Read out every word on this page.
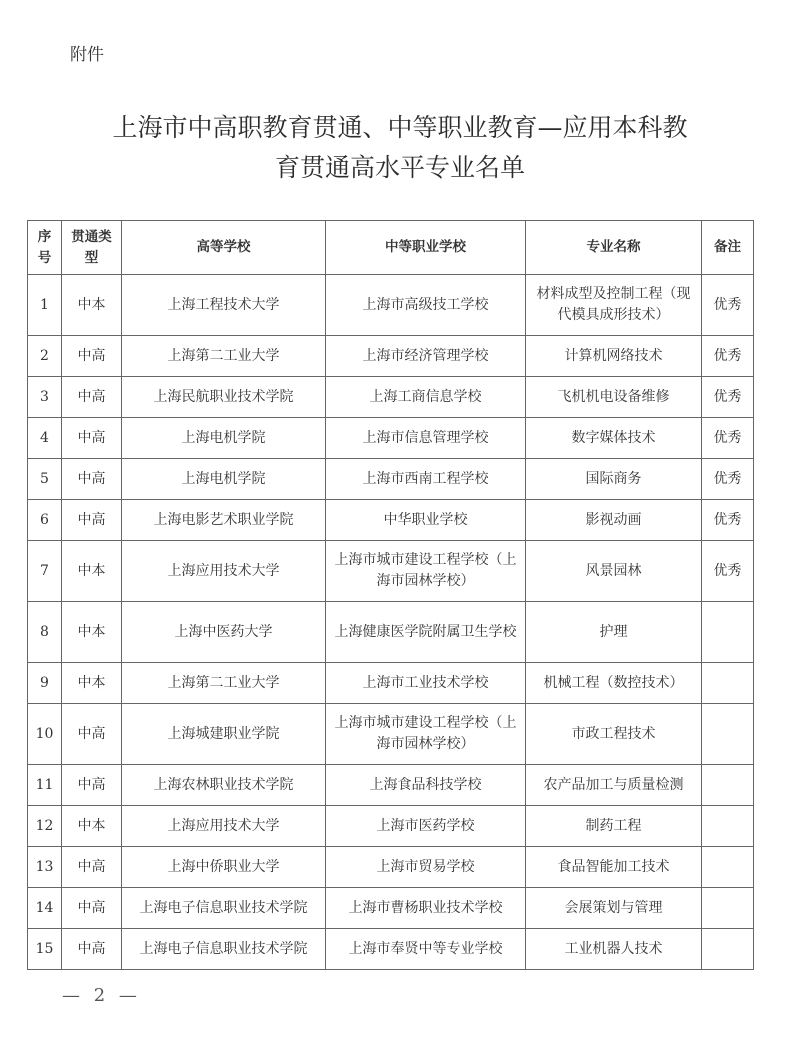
附件
上海市中高职教育贯通、中等职业教育—应用本科教
育贯通高水平专业名单
序号	贯通类型	高等学校	中等职业学校	专业名称	备注
1	中本	上海工程技术大学	上海市高级技工学校	材料成型及控制工程（现代模具成形技术）	优秀
2	中高	上海第二工业大学	上海市经济管理学校	计算机网络技术	优秀
3	中高	上海民航职业技术学院	上海工商信息学校	飞机机电设备维修	优秀
4	中高	上海电机学院	上海市信息管理学校	数字媒体技术	优秀
5	中高	上海电机学院	上海市西南工程学校	国际商务	优秀
6	中高	上海电影艺术职业学院	中华职业学校	影视动画	优秀
7	中本	上海应用技术大学	上海市城市建设工程学校（上海市园林学校）	风景园林	优秀
8	中本	上海中医药大学	上海健康医学院附属卫生学校	护理	
9	中本	上海第二工业大学	上海市工业技术学校	机械工程（数控技术）	
10	中高	上海城建职业学院	上海市城市建设工程学校（上海市园林学校）	市政工程技术	
11	中高	上海农林职业技术学院	上海食品科技学校	农产品加工与质量检测	
12	中本	上海应用技术大学	上海市医药学校	制药工程	
13	中高	上海中侨职业大学	上海市贸易学校	食品智能加工技术	
14	中高	上海电子信息职业技术学院	上海市曹杨职业技术学校	会展策划与管理	
15	中高	上海电子信息职业技术学院	上海市奉贤中等专业学校	工业机器人技术	
— 2 —
